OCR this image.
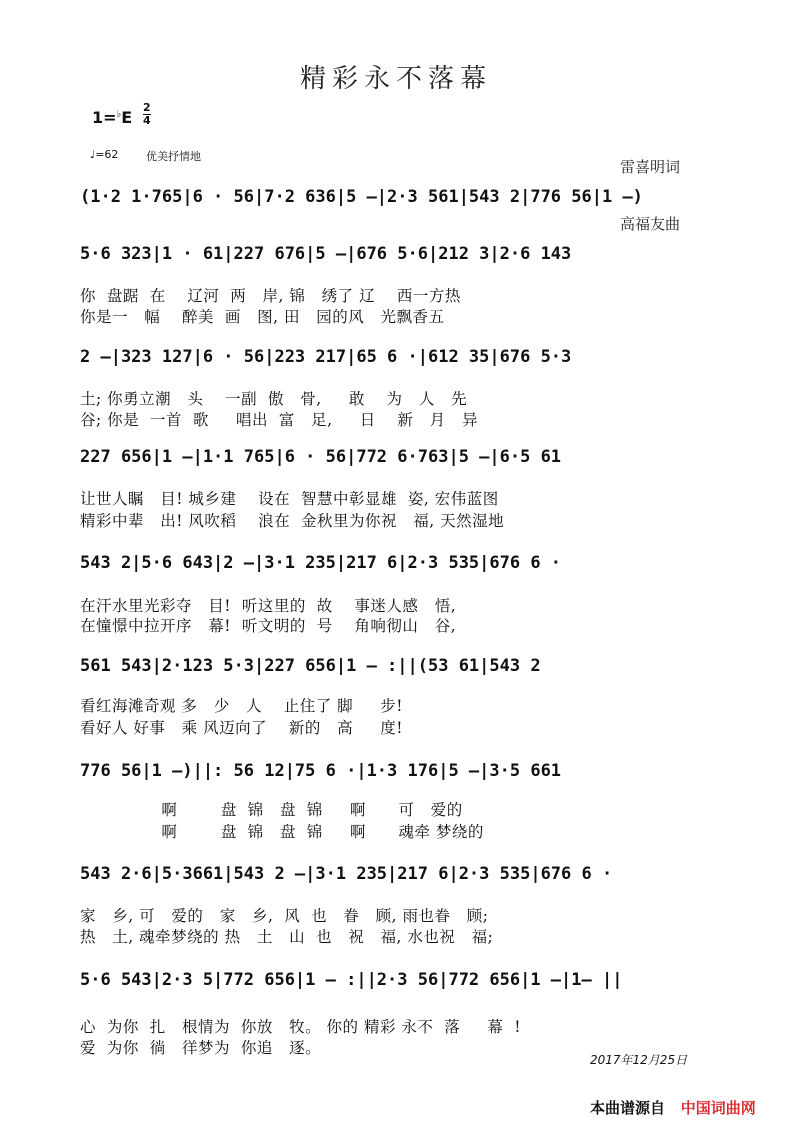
精彩永不落幕
1=♭E
2
4
♩=62	优美抒情地

雷喜明词

高福友曲

(1·2 1·765|6 · 56|7·2 636|5 –|2·3 561|543 2|776 56|1 –)
5·6 323|1 · 61|227 676|5 –|676 5·6|212 3|2·6 143
你  盘踞  在    辽河  两   岸, 锦   绣了 辽    西一方热
你是一   幅    醉美  画   图, 田   园的风   光飘香五
2 –|323 127|6 · 56|223 217|65 6 ·|612 35|676 5·3
土; 你勇立潮   头    一副  傲   骨,     敢    为   人   先
谷; 你是  一首  歌     唱出  富   足,     日    新   月   异
227 656|1 –|1·1 765|6 · 56|772 6·763|5 –|6·5 61
让世人瞩   目! 城乡建    设在  智慧中彰显雄  姿, 宏伟蓝图
精彩中辈   出! 风吹稻    浪在  金秋里为你祝   福, 天然湿地
543 2|5·6 643|2 –|3·1 235|217 6|2·3 535|676 6 ·
在汗水里光彩夺   目!  听这里的  故    事迷人感   悟,
在憧憬中拉开序   幕!  听文明的  号    角响彻山   谷,
561 543|2·123 5·3|227 656|1 – :||(53 61|543 2
看红海滩奇观 多   少   人    止住了 脚     步!
看好人 好事   乘 风迈向了    新的   高     度!
776 56|1 –)||: 56 12|75 6 ·|1·3 176|5 –|3·5 661
啊        盘  锦   盘  锦     啊      可   爱的
啊        盘  锦   盘  锦     啊      魂牵 梦绕的
543 2·6|5·3661|543 2 –|3·1 235|217 6|2·3 535|676 6 ·
家   乡, 可   爱的   家   乡,  风  也   眷   顾, 雨也眷   顾;
热   土, 魂牵梦绕的 热   土   山  也   祝   福, 水也祝   福;
5·6 543|2·3 5|772 656|1 – :||2·3 56|772 656|1 –|1– ||
心  为你  扎   根情为  你放   牧。 你的 精彩 永不  落     幕  !
爱  为你  徜   徉梦为  你追   逐。
2017年12月25日
本曲谱源自 中国词曲网
